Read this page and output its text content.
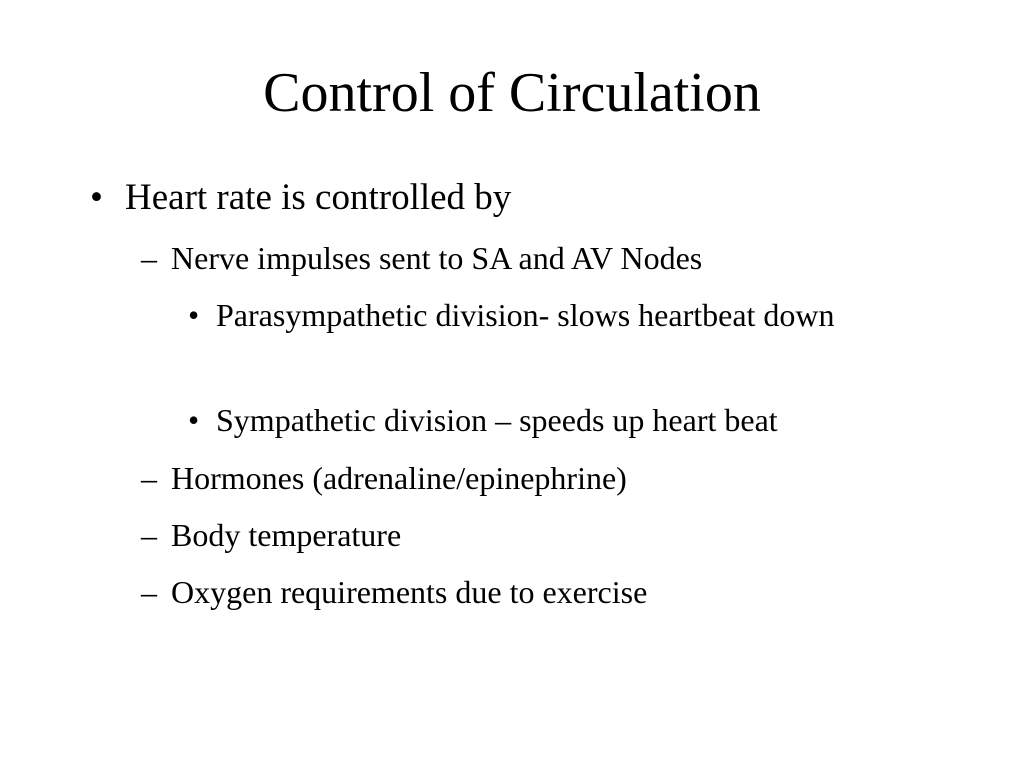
Control of Circulation
• Heart rate is controlled by
– Nerve impulses sent to SA and AV Nodes
• Parasympathetic division- slows heartbeat down
• Sympathetic division – speeds up heart beat
– Hormones (adrenaline/epinephrine)
– Body temperature
– Oxygen requirements due to exercise
